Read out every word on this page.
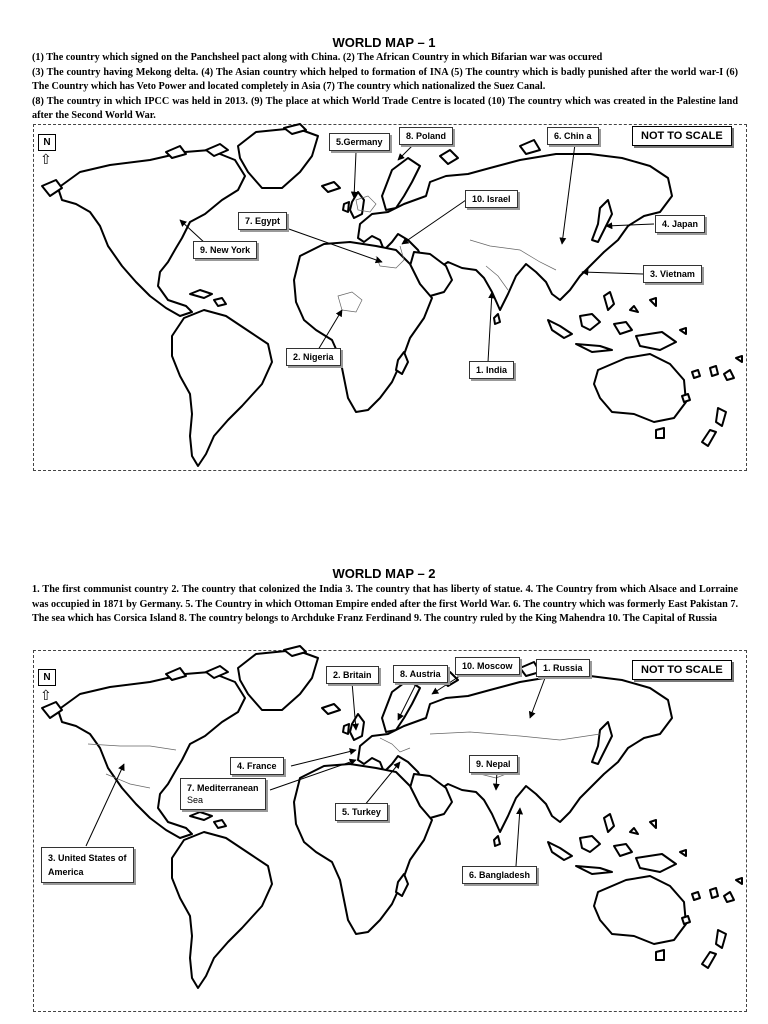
WORLD MAP – 1
(1) The country which signed on the Panchsheel pact along with China. (2) The African Country in which Bifarian war was occured
(3) The country having Mekong delta. (4) The Asian country which helped to formation of INA (5) The country which is badly punished after the world war-I (6) The Country which has Veto Power and located completely in Asia (7) The country which nationalized the Suez Canal.
(8) The country in which IPCC was held in 2013. (9) The place at which World Trade Centre is located (10) The country which was created in the Palestine land after the Second World War.
WORLD MAP – 2
1. The first communist country 2. The country that colonized the India 3. The country that has liberty of statue. 4. The Country from which Alsace and Lorraine was occupied in 1871 by Germany. 5. The Country in which Ottoman Empire ended after the first World War. 6. The country which was formerly East Pakistan 7. The sea which has Corsica Island 8. The country belongs to Archduke Franz Ferdinand 9. The country ruled by the King Mahendra 10. The Capital of Russia
N
⇧
NOT TO SCALE
5.Germany
8. Poland	6. Chin a
10. Israel
7. Egypt
9. New York
4. Japan
3. Vietnam
2. Nigeria
1. India
N
⇧
NOT TO SCALE
2. Britain	8. Austria
10. Moscow	1. Russia
4. France	9. Nepal
7. Mediterranean
Sea
5. Turkey
3. United States of
America	6. Bangladesh
